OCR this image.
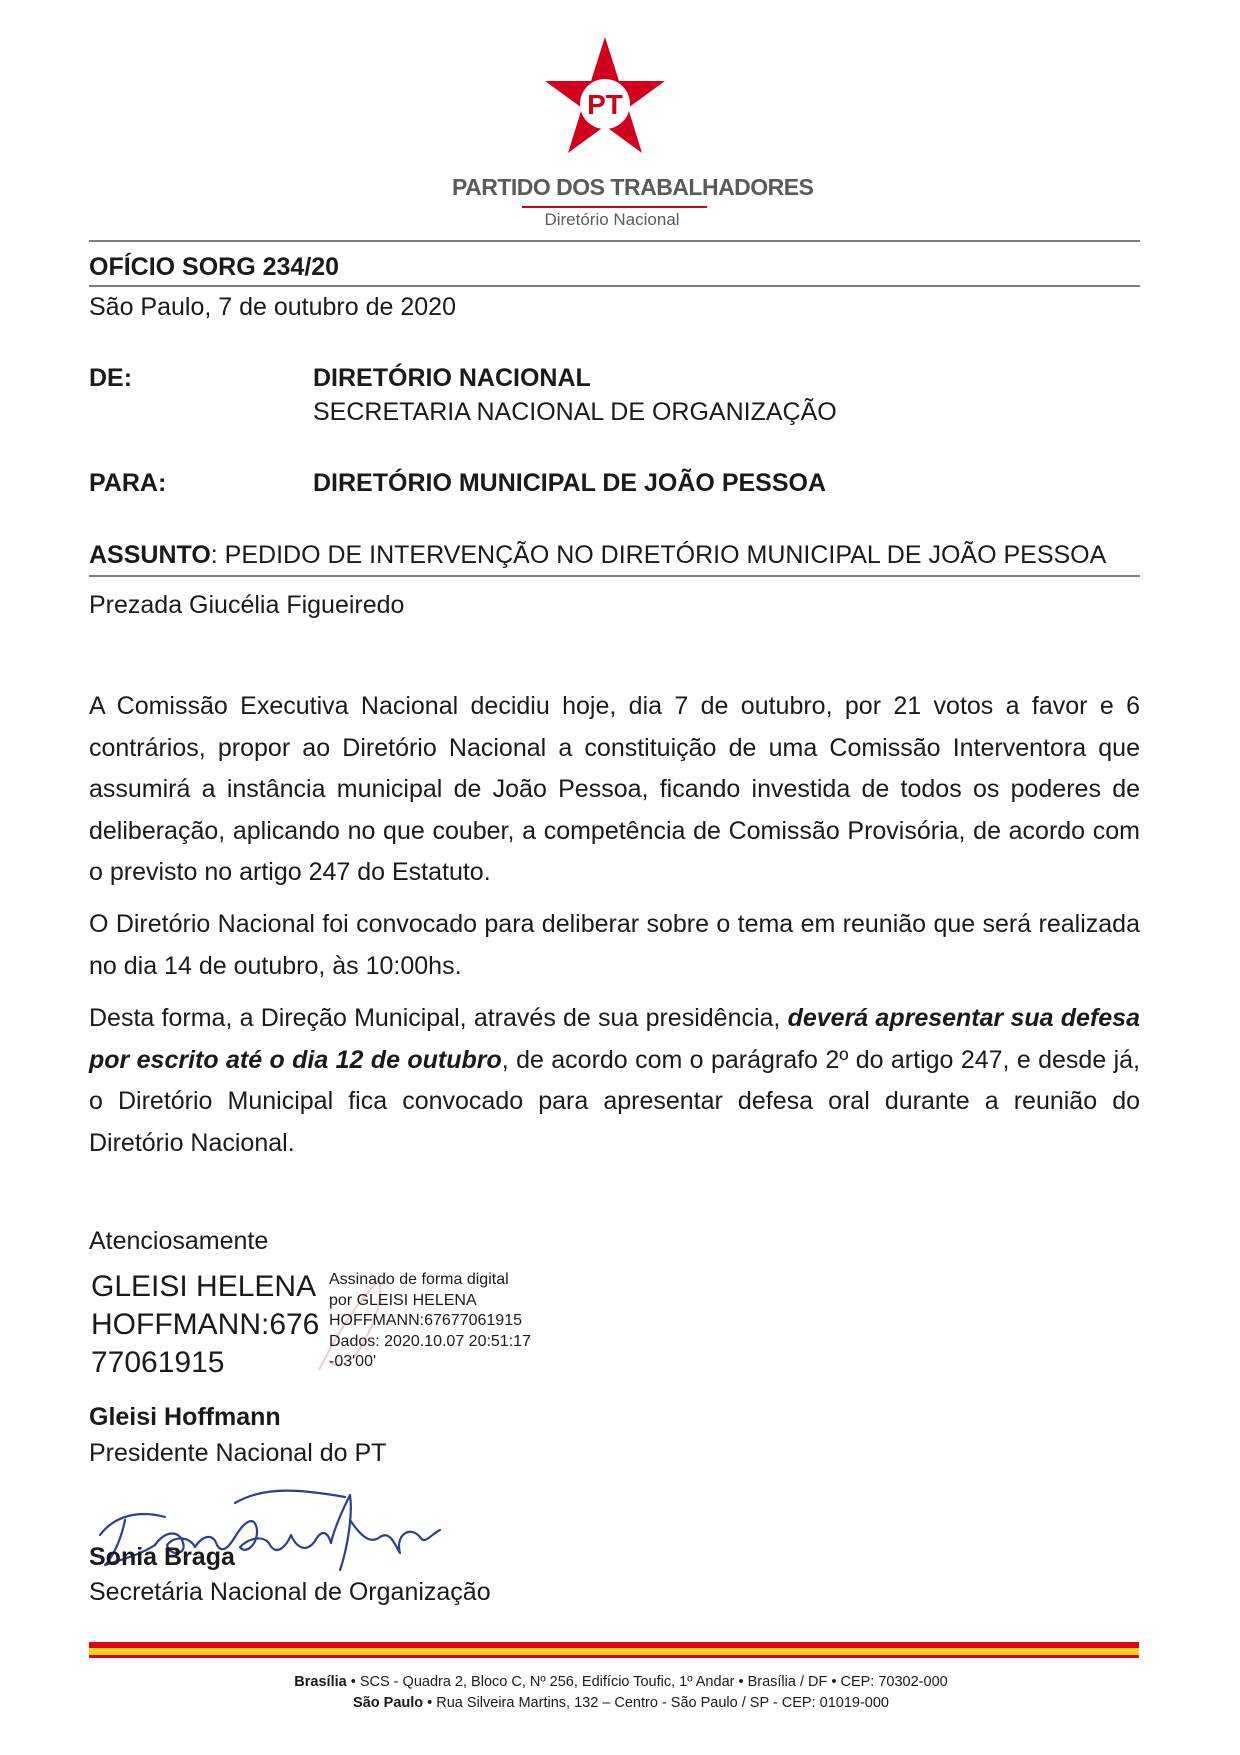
PT
PARTIDO DOS TRABALHADORES
Diretório Nacional
OFÍCIO SORG 234/20
São Paulo, 7 de outubro de 2020
DE:	DIRETÓRIO NACIONAL
SECRETARIA NACIONAL DE ORGANIZAÇÃO
PARA:	DIRETÓRIO MUNICIPAL DE JOÃO PESSOA
ASSUNTO: PEDIDO DE INTERVENÇÃO NO DIRETÓRIO MUNICIPAL DE JOÃO PESSOA
Prezada Giucélia Figueiredo

A Comissão Executiva Nacional decidiu hoje, dia 7 de outubro, por 21 votos a favor e 6 contrários, propor ao Diretório Nacional a constituição de uma Comissão Interventora que assumirá a instância municipal de João Pessoa, ficando investida de todos os poderes de deliberação, aplicando no que couber, a competência de Comissão Provisória, de acordo com o previsto no artigo 247 do Estatuto.

O Diretório Nacional foi convocado para deliberar sobre o tema em reunião que será realizada no dia 14 de outubro, às 10:00hs.

Desta forma, a Direção Municipal, através de sua presidência, deverá apresentar sua defesa por escrito até o dia 12 de outubro, de acordo com o parágrafo 2º do artigo 247, e desde já, o Diretório Municipal fica convocado para apresentar defesa oral durante a reunião do Diretório Nacional.

Atenciosamente
GLEISI HELENA
HOFFMANN:676
77061915
Assinado de forma digital
por GLEISI HELENA
HOFFMANN:67677061915
Dados: 2020.10.07 20:51:17
-03'00'
Gleisi Hoffmann
Presidente Nacional do PT
Sonia Braga
Secretária Nacional de Organização
Brasília • SCS - Quadra 2, Bloco C, Nº 256, Edifício Toufic, 1º Andar • Brasília / DF • CEP: 70302-000
São Paulo • Rua Silveira Martins, 132 – Centro - São Paulo / SP - CEP: 01019-000
